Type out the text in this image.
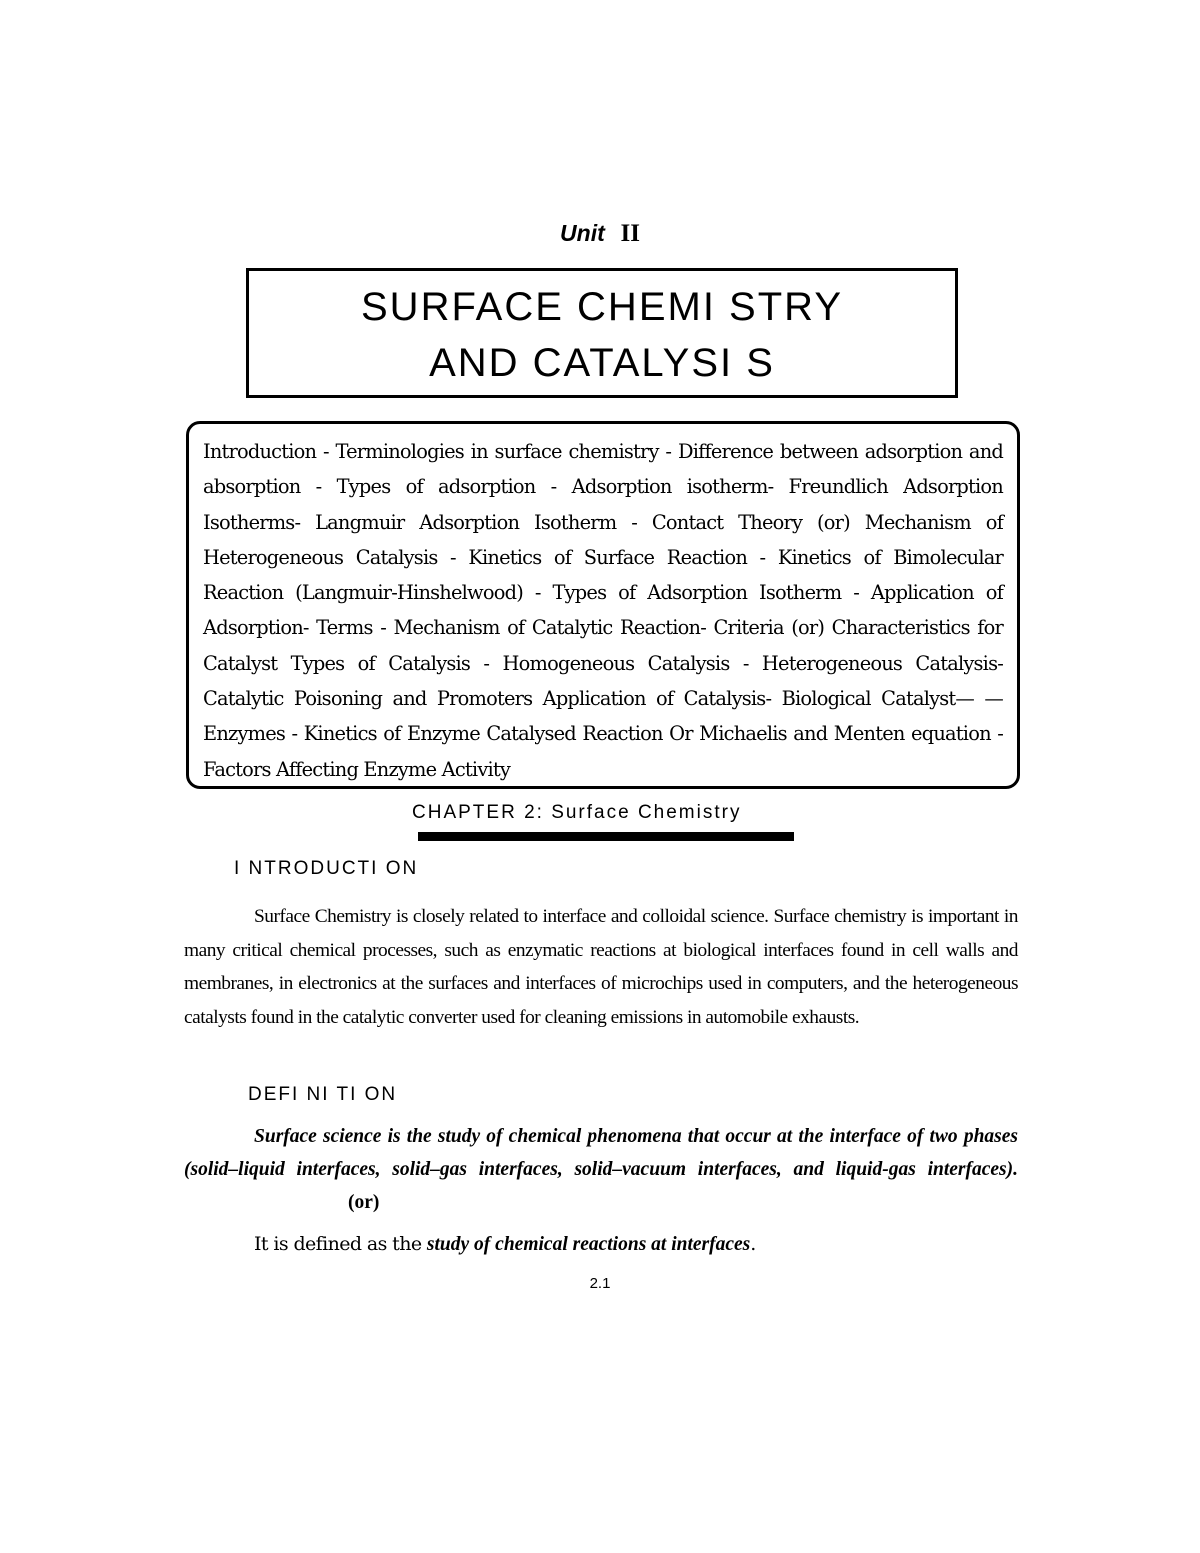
Unit II
SURFACE CHEMI STRY
AND CATALYSI S
Introduction - Terminologies in surface chemistry - Difference between adsorption and absorption - Types of adsorption - Adsorption isotherm- Freundlich Adsorption Isotherms- Langmuir Adsorption Isotherm - Contact Theory (or) Mechanism of Heterogeneous Catalysis - Kinetics of Surface Reaction - Kinetics of Bimolecular Reaction (Langmuir-Hinshelwood) - Types of Adsorption Isotherm - Application of Adsorption- Terms - Mechanism of Catalytic Reaction- Criteria (or) Characteristics for Catalyst Types of Catalysis - Homogeneous Catalysis - Heterogeneous Catalysis- Catalytic Poisoning and Promoters Application of Catalysis- Biological Catalyst— —Enzymes - Kinetics of Enzyme Catalysed Reaction Or Michaelis and Menten equation - Factors Affecting Enzyme Activity
CHAPTER 2: Surface Chemistry
I NTRODUCTI ON
Surface Chemistry is closely related to interface and colloidal science. Surface chemistry is important in many critical chemical processes, such as enzymatic reactions at biological interfaces found in cell walls and membranes, in electronics at the surfaces and interfaces of microchips used in computers, and the heterogeneous catalysts found in the catalytic converter used for cleaning emissions in automobile exhausts.
DEFI NI TI ON
Surface science is the study of chemical phenomena that occur at the interface of two phases (solid–liquid interfaces, solid–gas interfaces, solid–vacuum interfaces, and liquid-gas interfaces).(or)
It is defined as the study of chemical reactions at interfaces.
2.1
